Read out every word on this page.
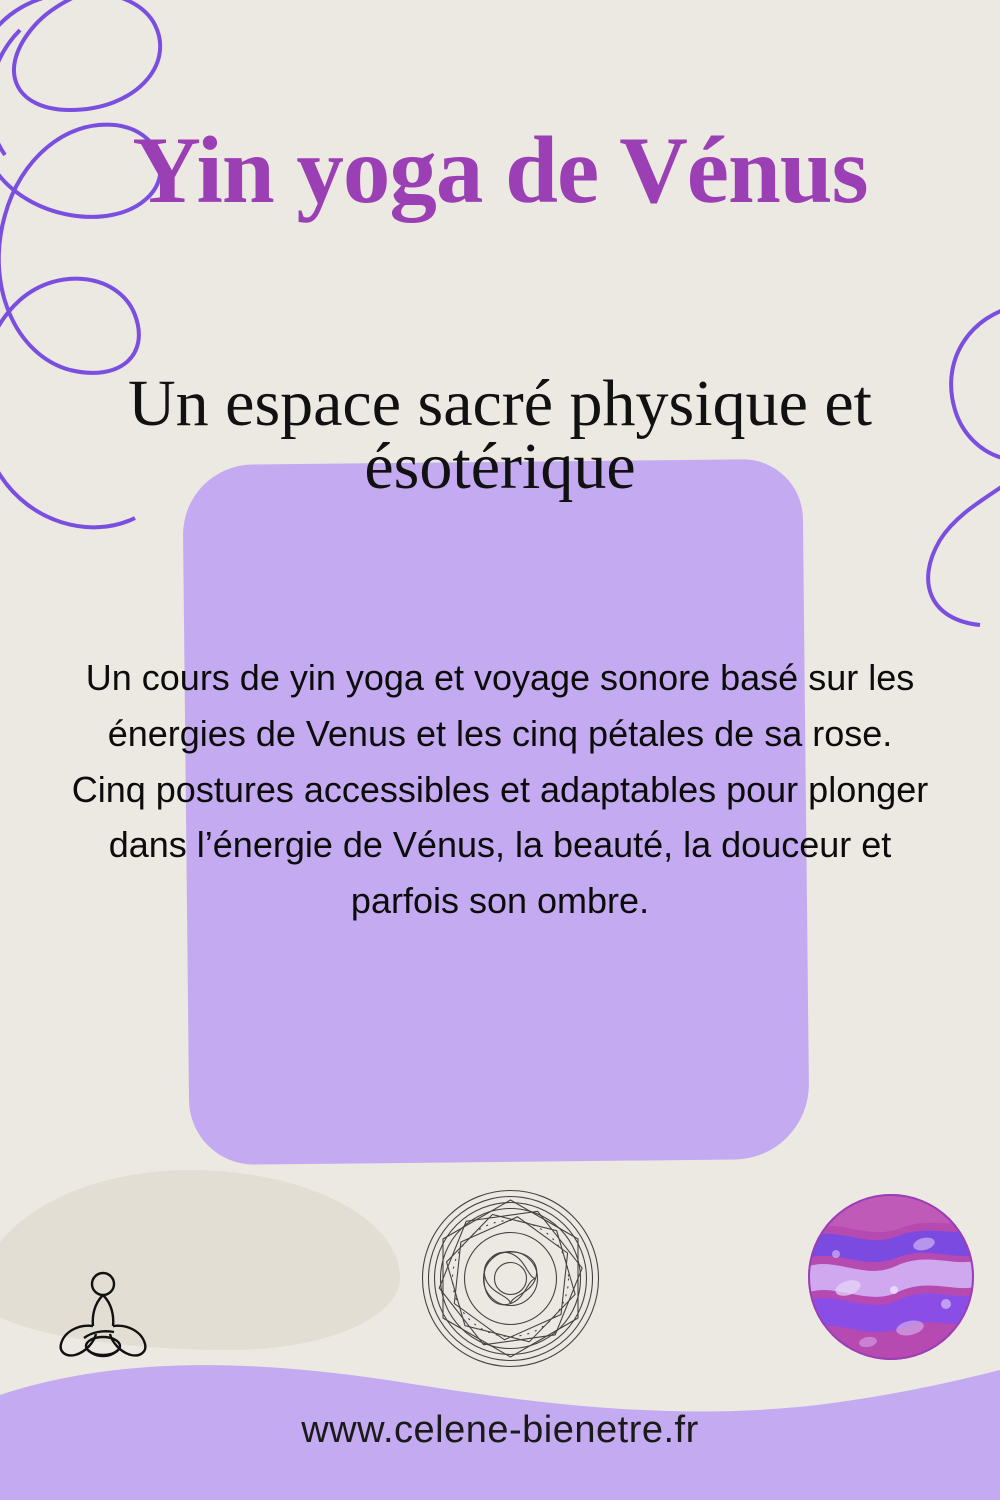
Yin yoga de Vénus
Un espace sacré physique et ésotérique

Un cours de yin yoga et voyage sonore basé sur les énergies de Venus et les cinq pétales de sa rose.

Cinq postures accessibles et adaptables pour plonger dans l’énergie de Vénus, la beauté, la douceur et parfois son ombre.

www.celene-bienetre.fr
